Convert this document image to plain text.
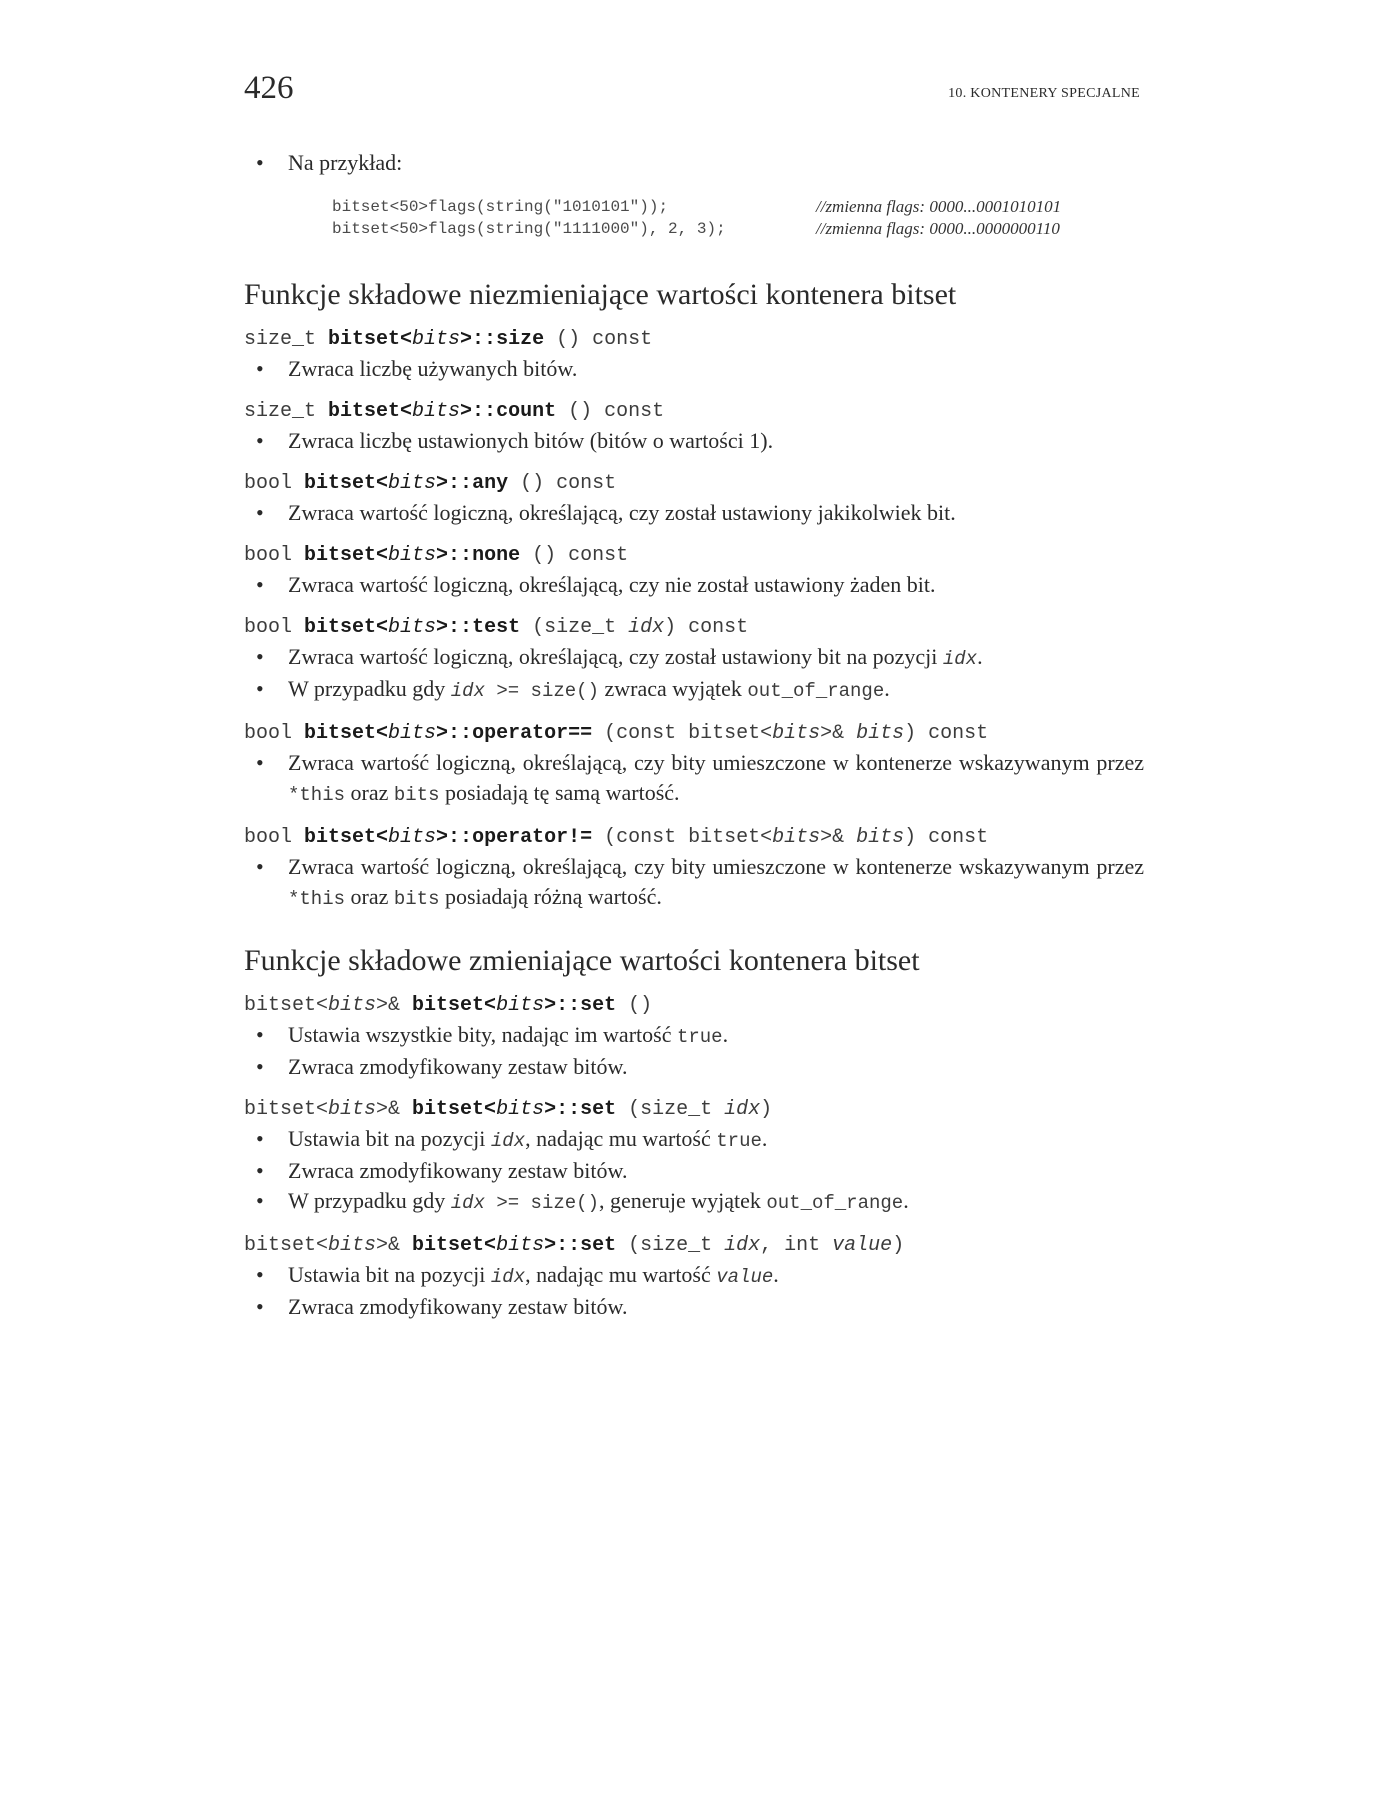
426	10. KONTENERY SPECJALNE
• Na przykład:
bitset<50>flags(string("1010101"));	//zmienna flags: 0000...0001010101
bitset<50>flags(string("1111000"), 2, 3);	//zmienna flags: 0000...0000000110
Funkcje składowe niezmieniające wartości kontenera bitset
size_t bitset<bits>::size () const
• Zwraca liczbę używanych bitów.
size_t bitset<bits>::count () const
• Zwraca liczbę ustawionych bitów (bitów o wartości 1).
bool bitset<bits>::any () const
• Zwraca wartość logiczną, określającą, czy został ustawiony jakikolwiek bit.
bool bitset<bits>::none () const
• Zwraca wartość logiczną, określającą, czy nie został ustawiony żaden bit.
bool bitset<bits>::test (size_t idx) const
• Zwraca wartość logiczną, określającą, czy został ustawiony bit na pozycji idx.
• W przypadku gdy idx >= size() zwraca wyjątek out_of_range.
bool bitset<bits>::operator== (const bitset<bits>& bits) const
• Zwraca wartość logiczną, określającą, czy bity umieszczone w kontenerze wskazywanym przez *this oraz bits posiadają tę samą wartość.
bool bitset<bits>::operator!= (const bitset<bits>& bits) const
• Zwraca wartość logiczną, określającą, czy bity umieszczone w kontenerze wskazywanym przez *this oraz bits posiadają różną wartość.
Funkcje składowe zmieniające wartości kontenera bitset
bitset<bits>& bitset<bits>::set ()
• Ustawia wszystkie bity, nadając im wartość true.
• Zwraca zmodyfikowany zestaw bitów.
bitset<bits>& bitset<bits>::set (size_t idx)
• Ustawia bit na pozycji idx, nadając mu wartość true.
• Zwraca zmodyfikowany zestaw bitów.
• W przypadku gdy idx >= size(), generuje wyjątek out_of_range.
bitset<bits>& bitset<bits>::set (size_t idx, int value)
• Ustawia bit na pozycji idx, nadając mu wartość value.
• Zwraca zmodyfikowany zestaw bitów.
